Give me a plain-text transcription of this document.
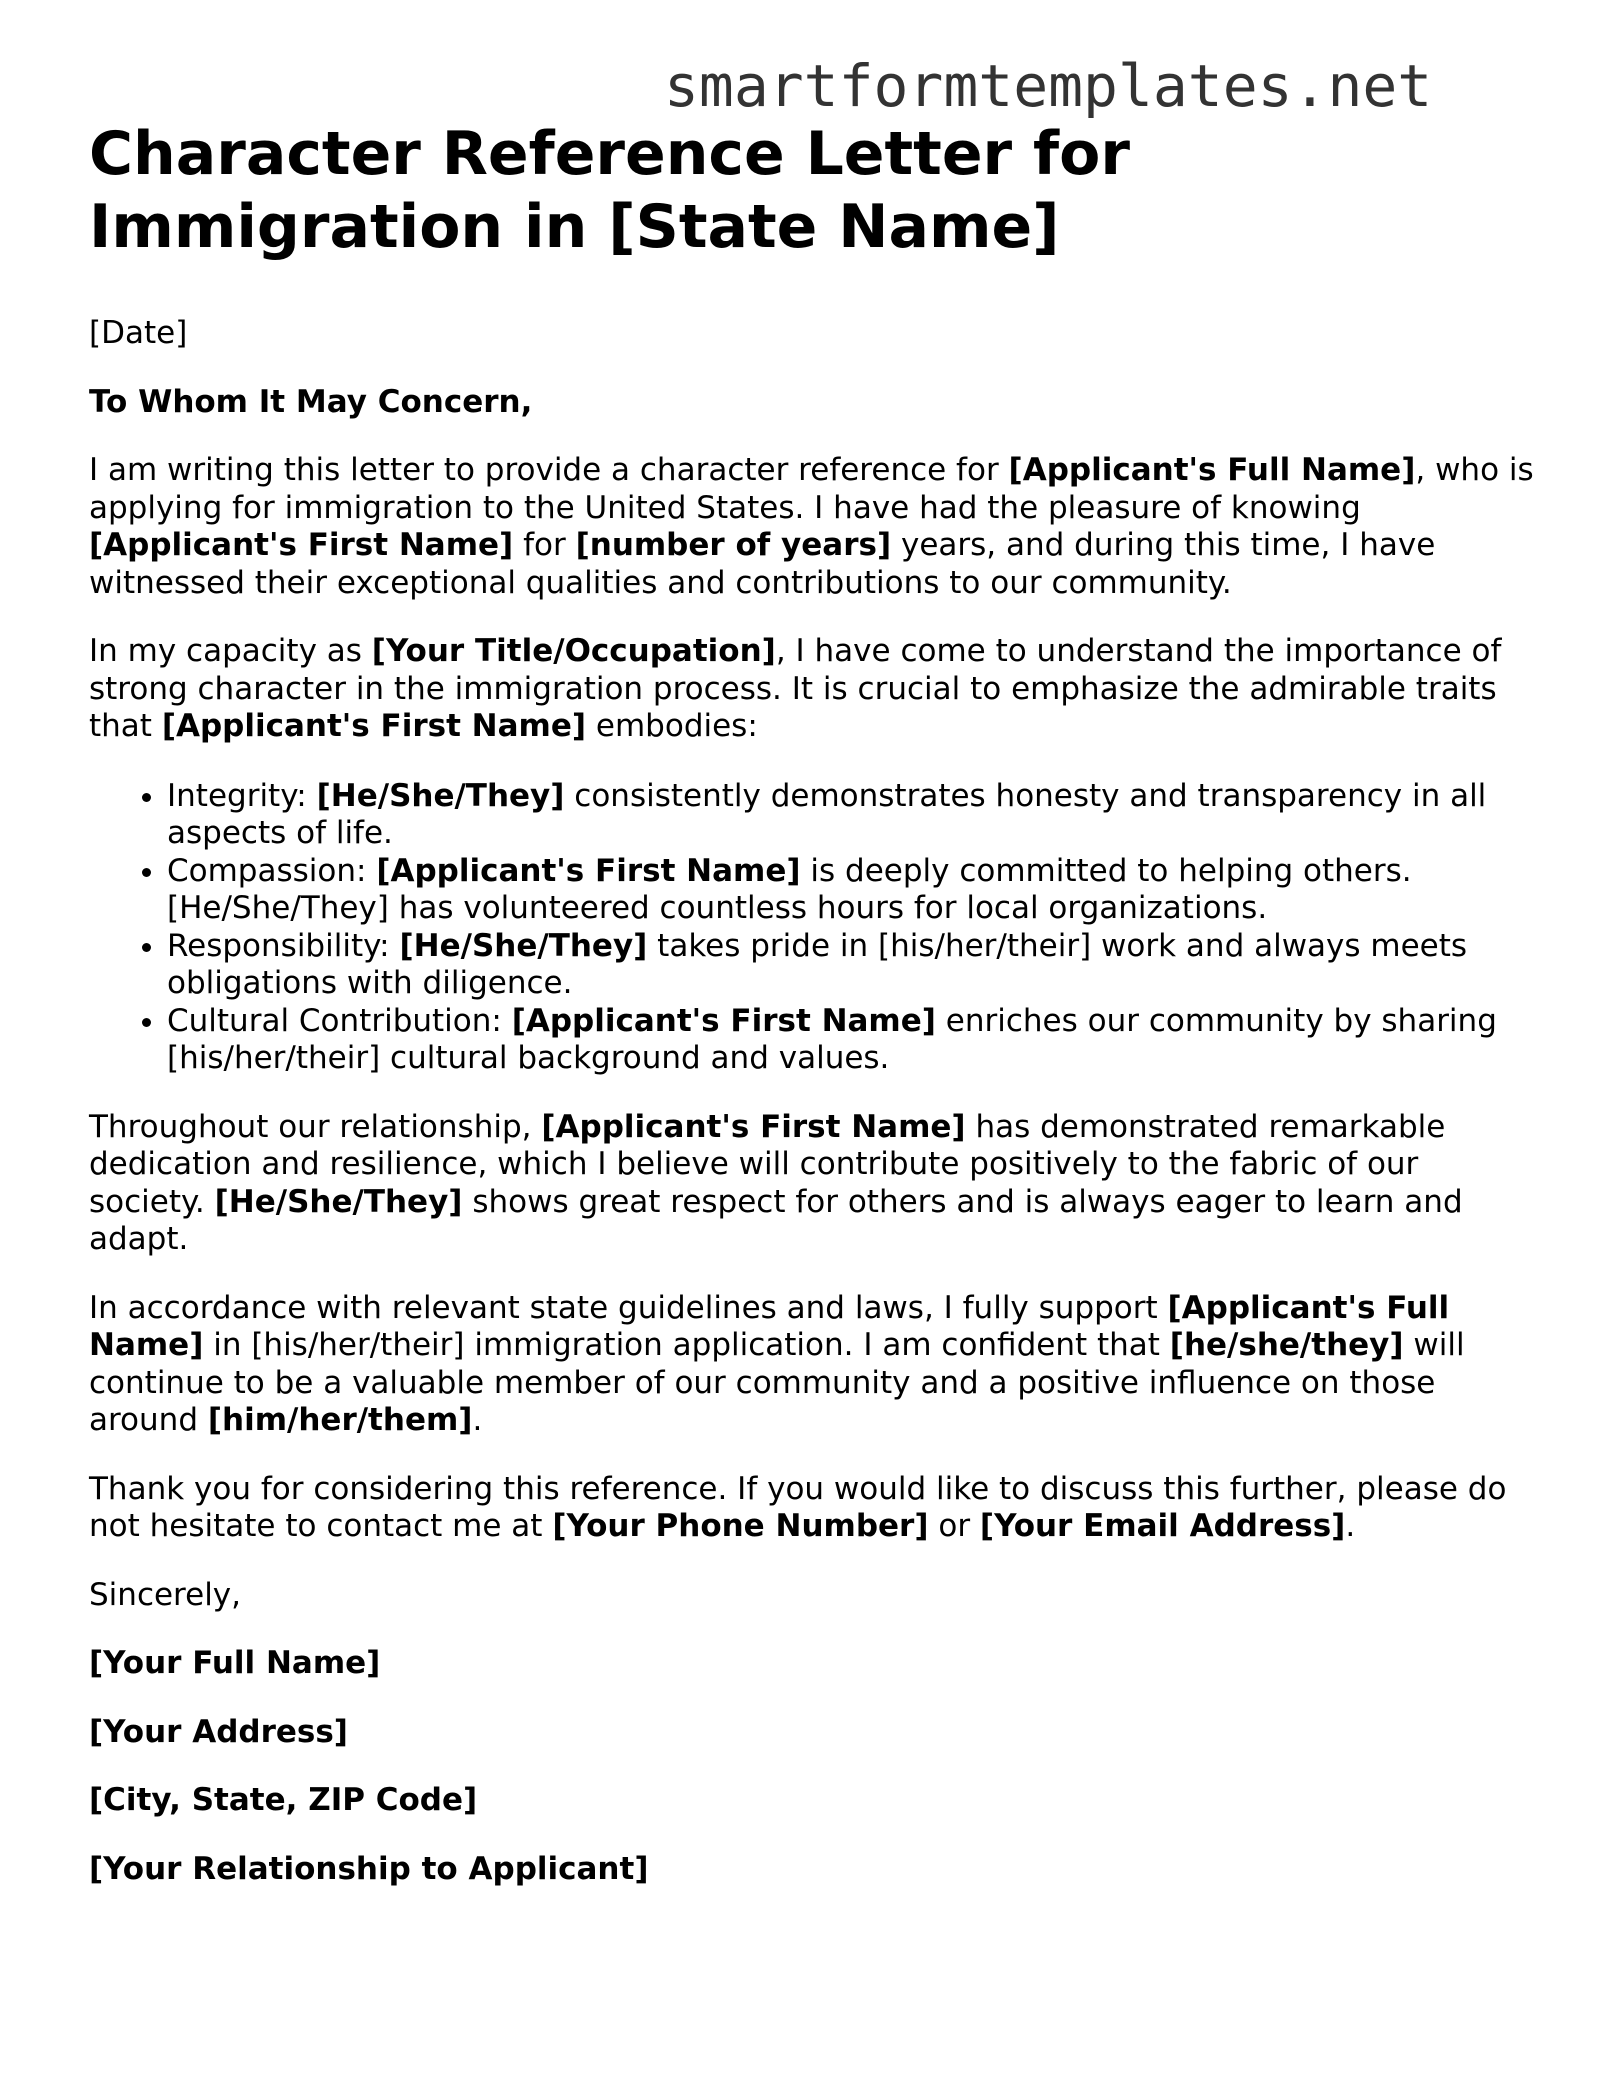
smartformtemplates.net
Character Reference Letter for Immigration in [State Name]

[Date]

To Whom It May Concern,

I am writing this letter to provide a character reference for [Applicant's Full Name], who is applying for immigration to the United States. I have had the pleasure of knowing [Applicant's First Name] for [number of years] years, and during this time, I have witnessed their exceptional qualities and contributions to our community.

In my capacity as [Your Title/Occupation], I have come to understand the importance of strong character in the immigration process. It is crucial to emphasize the admirable traits that [Applicant's First Name] embodies:

• Integrity: [He/She/They] consistently demonstrates honesty and transparency in all aspects of life.
• Compassion: [Applicant's First Name] is deeply committed to helping others. [He/She/They] has volunteered countless hours for local organizations.
• Responsibility: [He/She/They] takes pride in [his/her/their] work and always meets obligations with diligence.
• Cultural Contribution: [Applicant's First Name] enriches our community by sharing [his/her/their] cultural background and values.

Throughout our relationship, [Applicant's First Name] has demonstrated remarkable dedication and resilience, which I believe will contribute positively to the fabric of our society. [He/She/They] shows great respect for others and is always eager to learn and adapt.

In accordance with relevant state guidelines and laws, I fully support [Applicant's Full Name] in [his/her/their] immigration application. I am confident that [he/she/they] will continue to be a valuable member of our community and a positive influence on those around [him/her/them].

Thank you for considering this reference. If you would like to discuss this further, please do not hesitate to contact me at [Your Phone Number] or [Your Email Address].

Sincerely,

[Your Full Name]

[Your Address]

[City, State, ZIP Code]

[Your Relationship to Applicant]
